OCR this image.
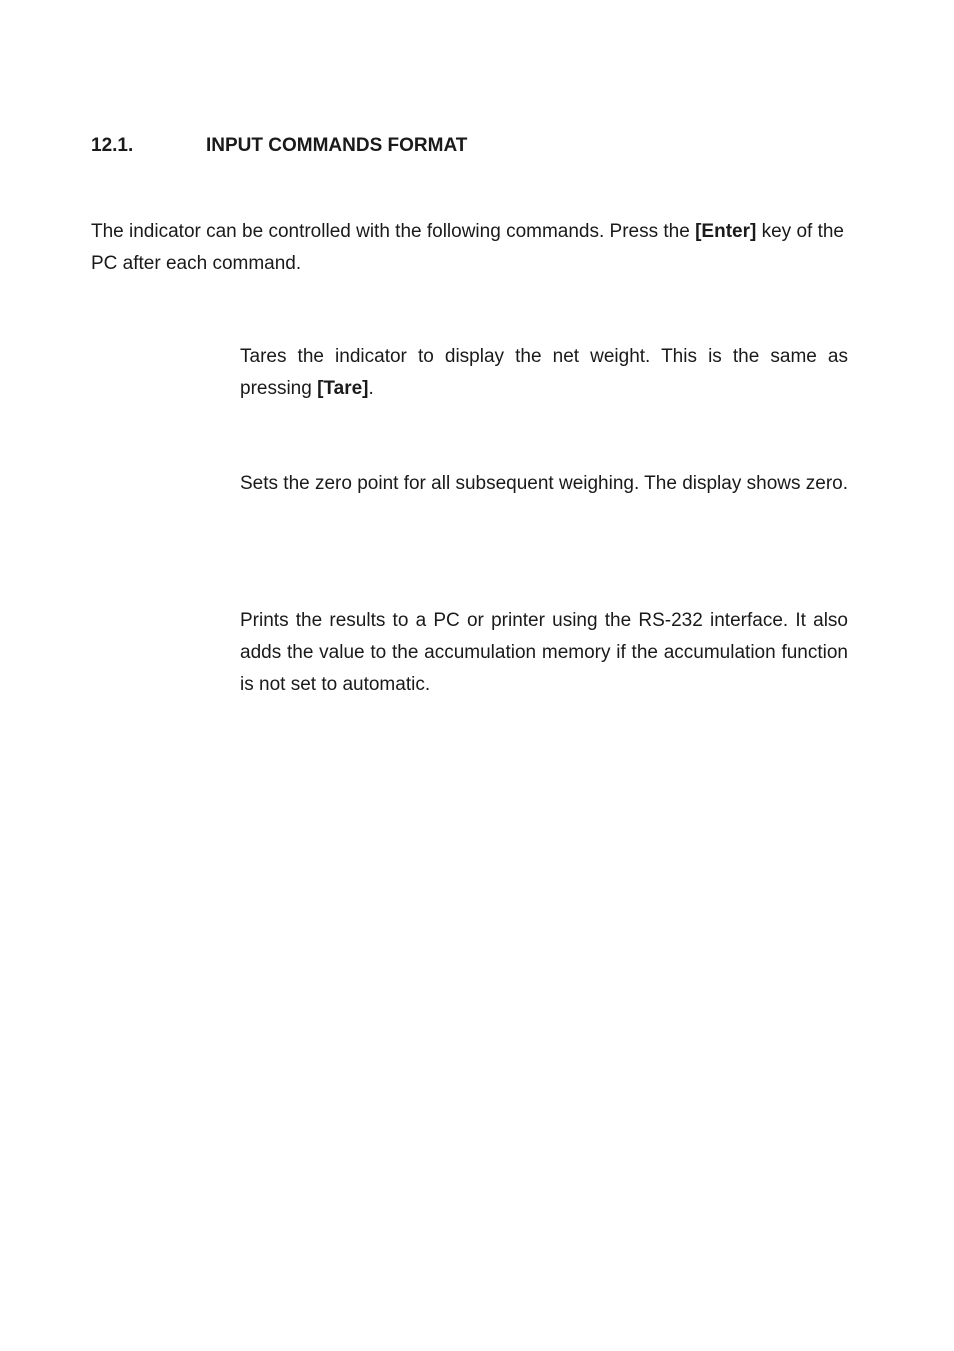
12.1.	INPUT COMMANDS FORMAT

The indicator can be controlled with the following commands. Press the [Enter] key of the PC after each command.

Tares the indicator to display the net weight. This is the same as pressing [Tare].

Sets the zero point for all subsequent weighing. The display shows zero.

Prints the results to a PC or printer using the RS-232 interface. It also adds the value to the accumulation memory if the accumulation function is not set to automatic.
